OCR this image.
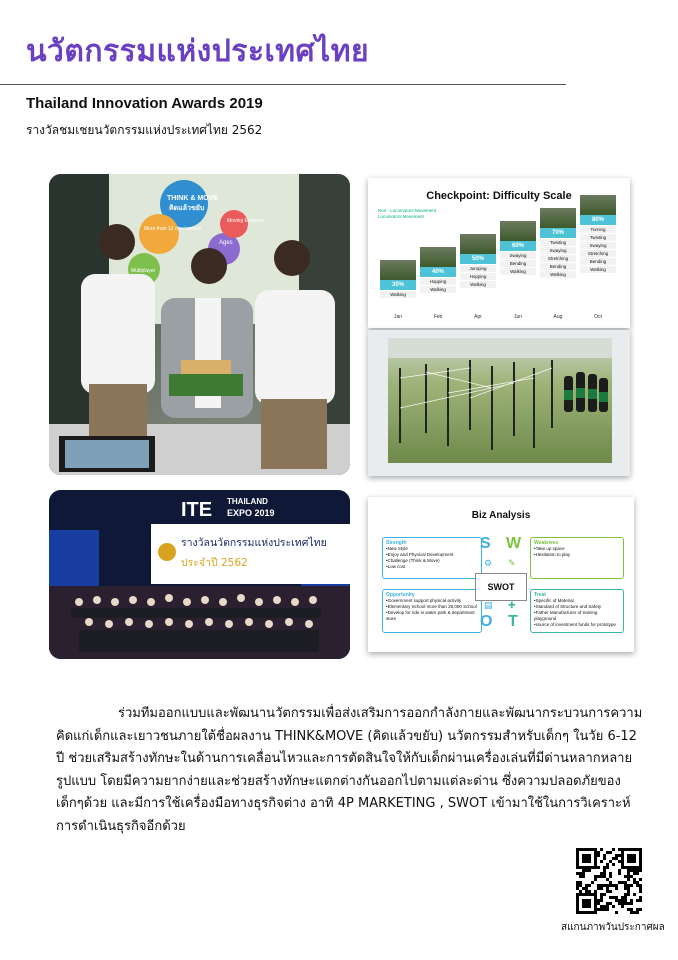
นวัตกรรมแห่งประเทศไทย
Thailand Innovation Awards 2019
รางวัลชมเชยนวัตกรรมแห่งประเทศไทย 2562
THINK & MOVE
คิดแล้วขยับ
More than 12 checkpoints
Ages
Multiplayer
Moving Exercise
Checkpoint: Difficulty Scale
Non - Locomotors Movement
Locomotors Movement
30%
Walking
Jan
40%
Hopping
Walking
Feb
50%
Jumping
Hopping
Walking
Apr
60%
Swaying
Bending
Walking
Jun
70%
Twisting
Swaying
Stretching
Bending
Walking
Aug
80%
Turning
Twisting
Swaying
Stretching
Bending
Walking
Oct
ITE THAILAND
EXPO 2019
รางวัลนวัตกรรมแห่งประเทศไทย
ประจำปี 2562
Biz Analysis
Strength
•New Style
•Enjoy and Physical Development
•Challenge (Think & Move)
•Low cost
Weakness
•Take up space
•Hesitation to play
Opportunity
•Government support physical activity
•Elementary School more than 28,000 School
•Develop for ride in water park & department store
Treat
•Specific of Material
•Standard of Structure and Safety
•Father Manufacturer of training playground
•source of investment funds for prototype
SWOT
S W
O T
⚙ ✎
▤ ✚

ร่วมทีมออกแบบและพัฒนานวัตกรรมเพื่อส่งเสริมการออกกำลังกายและพัฒนากระบวนการความคิดแก่เด็กและเยาวชนภายใต้ชื่อผลงาน THINK&MOVE (คิดแล้วขยับ) นวัตกรรมสำหรับเด็กๆ ในวัย 6-12 ปี ช่วยเสริมสร้างทักษะในด้านการเคลื่อนไหวและการตัดสินใจให้กับเด็กผ่านเครื่องเล่นที่มีด่านหลากหลายรูปแบบ โดยมีความยากง่ายและช่วยสร้างทักษะแตกต่างกันออกไปตามแต่ละด่าน ซึ่งความปลอดภัยของเด็กๆด้วย และมีการใช้เครื่องมือทางธุรกิจต่าง อาทิ 4P MARKETING , SWOT เข้ามาใช้ในการวิเคราะห์การดำเนินธุรกิจอีกด้วย

สแกนภาพวันประกาศผล
